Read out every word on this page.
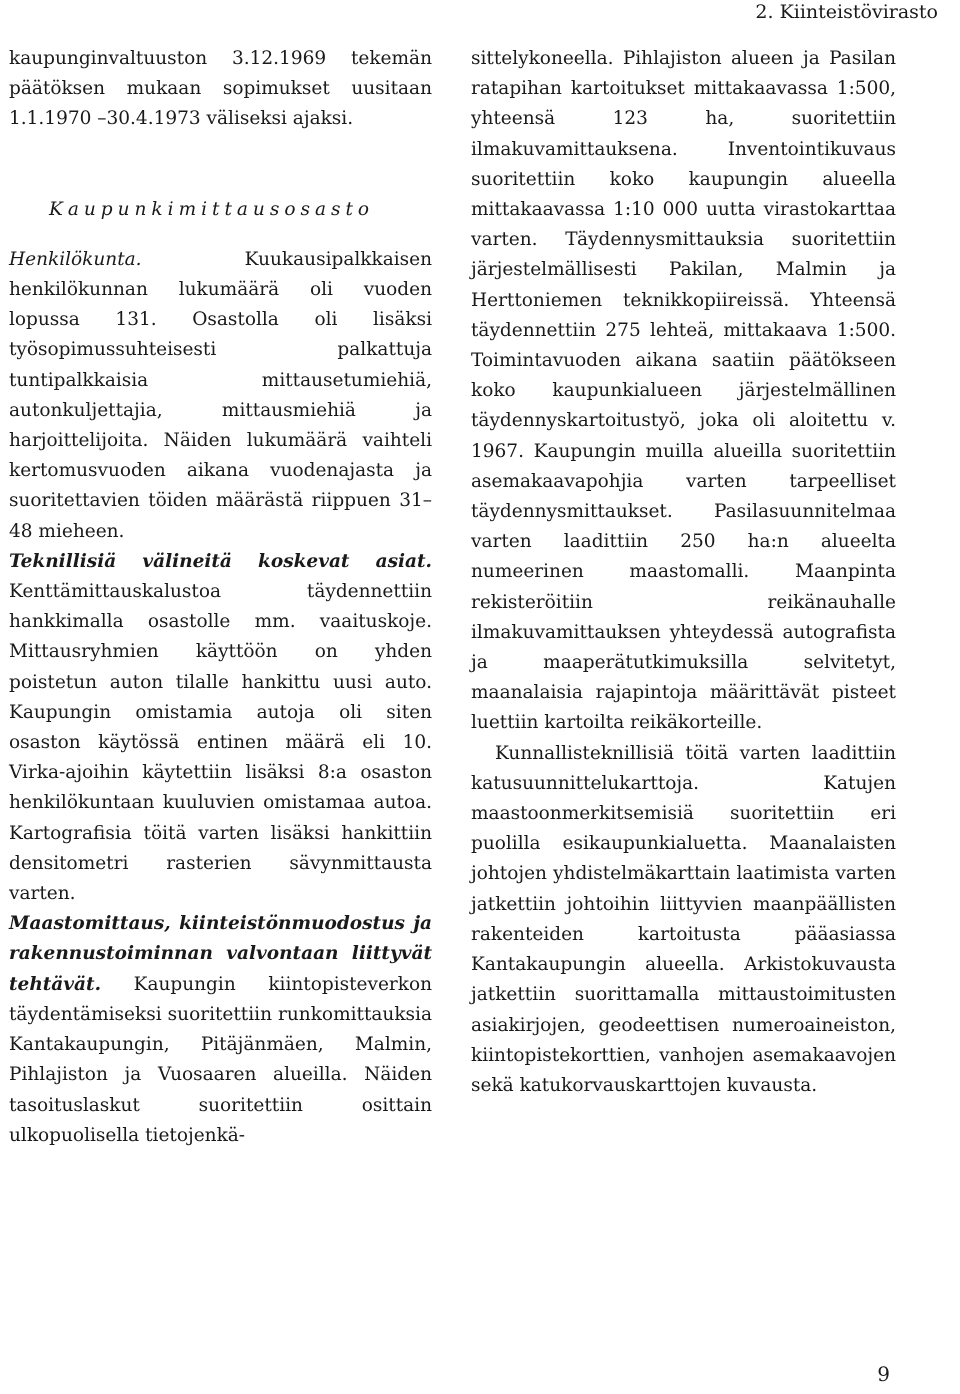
2. Kiinteistövirasto

kaupunginvaltuuston 3.12.1969 tekemän päätöksen mukaan sopimukset uusitaan 1.1.1970 –30.4.1973 väliseksi ajaksi.

Kaupunkimittausosasto

Henkilökunta. Kuukausipalkkaisen henkilökunnan lukumäärä oli vuoden lopussa 131. Osastolla oli lisäksi työsopimussuhteisesti palkattuja tuntipalkkaisia mittausetumiehiä, autonkuljettajia, mittausmiehiä ja harjoittelijoita. Näiden lukumäärä vaihteli kertomusvuoden aikana vuodenajasta ja suoritettavien töiden määrästä riippuen 31–48 mieheen.

Teknillisiä välineitä koskevat asiat. Kenttämittauskalustoa täydennettiin hankkimalla osastolle mm. vaaituskoje. Mittausryhmien käyttöön on yhden poistetun auton tilalle hankittu uusi auto. Kaupungin omistamia autoja oli siten osaston käytössä entinen määrä eli 10. Virka-ajoihin käytettiin lisäksi 8:a osaston henkilökuntaan kuuluvien omistamaa autoa. Kartografisia töitä varten lisäksi hankittiin densitometri rasterien sävynmittausta varten.

Maastomittaus, kiinteistönmuodostus ja rakennustoiminnan valvontaan liittyvät tehtävät. Kaupungin kiintopisteverkon täydentämiseksi suoritettiin runkomittauksia Kantakaupungin, Pitäjänmäen, Malmin, Pihlajiston ja Vuosaaren alueilla. Näiden tasoituslaskut suoritettiin osittain ulkopuolisella tietojenkä-

sittelykoneella. Pihlajiston alueen ja Pasilan ratapihan kartoitukset mittakaavassa 1:500, yhteensä 123 ha, suoritettiin ilmakuvamittauksena. Inventointikuvaus suoritettiin koko kaupungin alueella mittakaavassa 1:10 000 uutta virastokarttaa varten. Täydennysmittauksia suoritettiin järjestelmällisesti Pakilan, Malmin ja Herttoniemen teknikkopiireissä. Yhteensä täydennettiin 275 lehteä, mittakaava 1:500. Toimintavuoden aikana saatiin päätökseen koko kaupunkialueen järjestelmällinen täydennyskartoitustyö, joka oli aloitettu v. 1967. Kaupungin muilla alueilla suoritettiin asemakaavapohjia varten tarpeelliset täydennysmittaukset. Pasilasuunnitelmaa varten laadittiin 250 ha:n alueelta numeerinen maastomalli. Maanpinta rekisteröitiin reikänauhalle ilmakuvamittauksen yhteydessä autografista ja maaperätutkimuksilla selvitetyt, maanalaisia rajapintoja määrittävät pisteet luettiin kartoilta reikäkorteille.

Kunnallisteknillisiä töitä varten laadittiin katusuunnittelukarttoja. Katujen maastoonmerkitsemisiä suoritettiin eri puolilla esikaupunkialuetta. Maanalaisten johtojen yhdistelmäkarttain laatimista varten jatkettiin johtoihin liittyvien maanpäällisten rakenteiden kartoitusta pääasiassa Kantakaupungin alueella. Arkistokuvausta jatkettiin suorittamalla mittaustoimitusten asiakirjojen, geodeettisen numeroaineiston, kiintopistekorttien, vanhojen asemakaavojen sekä katukorvauskarttojen kuvausta.

9
